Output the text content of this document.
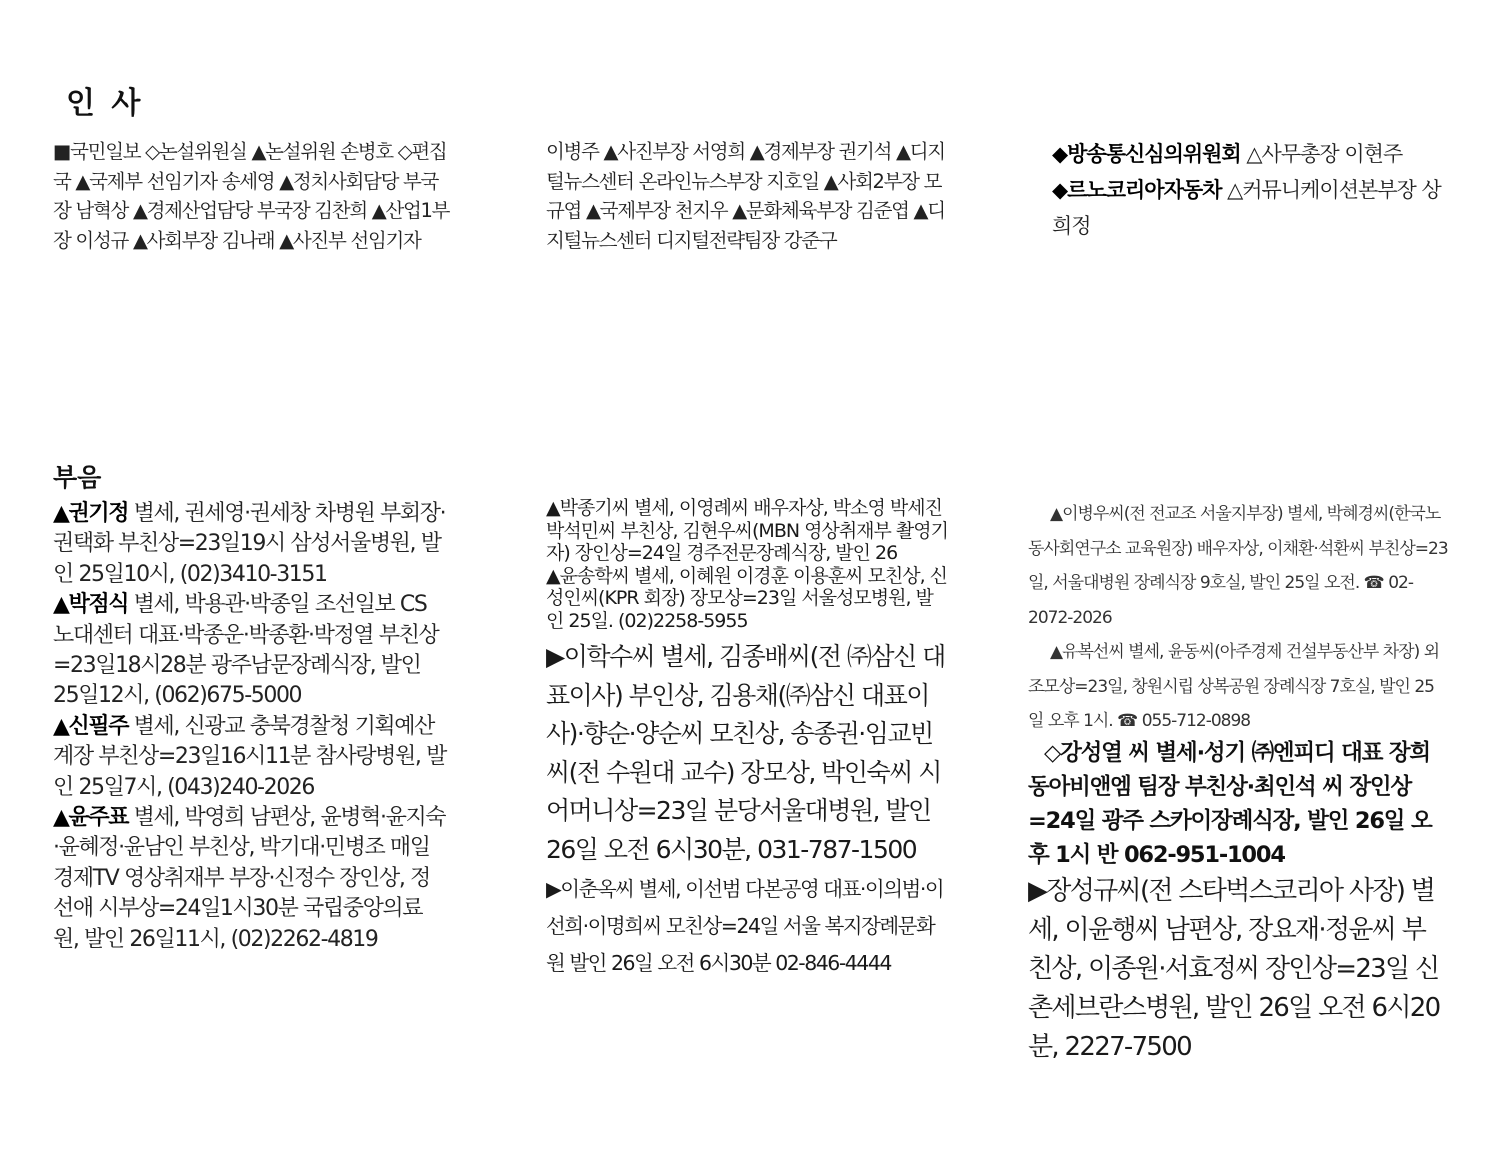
인 사
■국민일보 ◇논설위원실 ▲논설위원 손병호 ◇편집국 ▲국제부 선임기자 송세영 ▲정치사회담당 부국장 남혁상 ▲경제산업담당 부국장 김찬희 ▲산업1부장 이성규 ▲사회부장 김나래 ▲사진부 선임기자
이병주 ▲사진부장 서영희 ▲경제부장 권기석 ▲디지털뉴스센터 온라인뉴스부장 지호일 ▲사회2부장 모규엽 ▲국제부장 천지우 ▲문화체육부장 김준엽 ▲디지털뉴스센터 디지털전략팀장 강준구

◆방송통신심의위원회 △사무총장 이현주

◆르노코리아자동차 △커뮤니케이션본부장 상희정

부음

▲권기정 별세, 권세영·권세창 차병원 부회장·권택화 부친상=23일19시 삼성서울병원, 발인 25일10시, (02)3410-3151

▲박점식 별세, 박용관·박종일 조선일보 CS 노대센터 대표·박종운·박종환·박정열 부친상=23일18시28분 광주남문장례식장, 발인 25일12시, (062)675-5000

▲신필주 별세, 신광교 충북경찰청 기획예산계장 부친상=23일16시11분 참사랑병원, 발인 25일7시, (043)240-2026

▲윤주표 별세, 박영희 남편상, 윤병혁·윤지숙·윤혜정·윤남인 부친상, 박기대·민병조 매일경제TV 영상취재부 부장·신정수 장인상, 정선애 시부상=24일1시30분 국립중앙의료원, 발인 26일11시, (02)2262-4819

▲박종기씨 별세, 이영례씨 배우자상, 박소영 박세진 박석민씨 부친상, 김현우씨(MBN 영상취재부 촬영기자) 장인상=24일 경주전문장례식장, 발인 26

▲윤송학씨 별세, 이혜원 이경훈 이용훈씨 모친상, 신성인씨(KPR 회장) 장모상=23일 서울성모병원, 발인 25일. (02)2258-5955

▶이학수씨 별세, 김종배씨(전 ㈜삼신 대표이사) 부인상, 김용채(㈜삼신 대표이사)·향순·양순씨 모친상, 송종권·임교빈씨(전 수원대 교수) 장모상, 박인숙씨 시어머니상=23일 분당서울대병원, 발인 26일 오전 6시30분, 031-787-1500

▶이춘옥씨 별세, 이선범 다본공영 대표·이의범·이선희·이명희씨 모친상=24일 서울 복지장례문화원 발인 26일 오전 6시30분 02-846-4444

▲이병우씨(전 전교조 서울지부장) 별세, 박혜경씨(한국노동사회연구소 교육원장) 배우자상, 이채환·석환씨 부친상=23일, 서울대병원 장례식장 9호실, 발인 25일 오전. ☎ 02-2072-2026

▲유복선씨 별세, 윤동씨(아주경제 건설부동산부 차장) 외조모상=23일, 창원시립 상복공원 장례식장 7호실, 발인 25일 오후 1시. ☎ 055-712-0898

◇강성열 씨 별세·성기 ㈜엔피디 대표 장희 동아비앤엠 팀장 부친상·최인석 씨 장인상=24일 광주 스카이장례식장, 발인 26일 오후 1시 반 062-951-1004

▶장성규씨(전 스타벅스코리아 사장) 별세, 이윤행씨 남편상, 장요재·정윤씨 부친상, 이종원·서효정씨 장인상=23일 신촌세브란스병원, 발인 26일 오전 6시20분, 2227-7500
